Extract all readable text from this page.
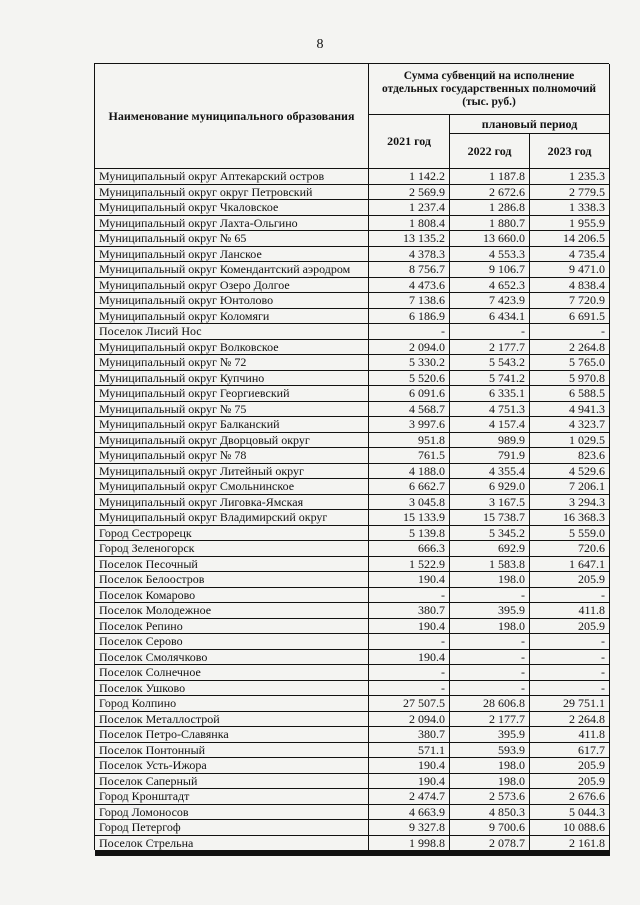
8
Наименование муниципального образования
Сумма субвенций на исполнение отдельных государственных полномочий (тыс. руб.)
2021 год
плановый период
2022 год	2023 год
Муниципальный округ Аптекарский остров	1 142.2	1 187.8	1 235.3
Муниципальный округ округ Петровский	2 569.9	2 672.6	2 779.5
Муниципальный округ Чкаловское	1 237.4	1 286.8	1 338.3
Муниципальный округ Лахта-Ольгино	1 808.4	1 880.7	1 955.9
Муниципальный округ № 65	13 135.2	13 660.0	14 206.5
Муниципальный округ Ланское	4 378.3	4 553.3	4 735.4
Муниципальный округ Комендантский аэродром	8 756.7	9 106.7	9 471.0
Муниципальный округ Озеро Долгое	4 473.6	4 652.3	4 838.4
Муниципальный округ Юнтолово	7 138.6	7 423.9	7 720.9
Муниципальный округ Коломяги	6 186.9	6 434.1	6 691.5
Поселок Лисий Нос	-	-	-
Муниципальный округ Волковское	2 094.0	2 177.7	2 264.8
Муниципальный округ № 72	5 330.2	5 543.2	5 765.0
Муниципальный округ Купчино	5 520.6	5 741.2	5 970.8
Муниципальный округ Георгиевский	6 091.6	6 335.1	6 588.5
Муниципальный округ № 75	4 568.7	4 751.3	4 941.3
Муниципальный округ Балканский	3 997.6	4 157.4	4 323.7
Муниципальный округ Дворцовый округ	951.8	989.9	1 029.5
Муниципальный округ № 78	761.5	791.9	823.6
Муниципальный округ Литейный округ	4 188.0	4 355.4	4 529.6
Муниципальный округ Смольнинское	6 662.7	6 929.0	7 206.1
Муниципальный округ Лиговка-Ямская	3 045.8	3 167.5	3 294.3
Муниципальный округ Владимирский округ	15 133.9	15 738.7	16 368.3
Город Сестрорецк	5 139.8	5 345.2	5 559.0
Город Зеленогорск	666.3	692.9	720.6
Поселок Песочный	1 522.9	1 583.8	1 647.1
Поселок Белоостров	190.4	198.0	205.9
Поселок Комарово	-	-	-
Поселок Молодежное	380.7	395.9	411.8
Поселок Репино	190.4	198.0	205.9
Поселок Серово	-	-	-
Поселок Смолячково	190.4	-	-
Поселок Солнечное	-	-	-
Поселок Ушково	-	-	-
Город Колпино	27 507.5	28 606.8	29 751.1
Поселок Металлострой	2 094.0	2 177.7	2 264.8
Поселок Петро-Славянка	380.7	395.9	411.8
Поселок Понтонный	571.1	593.9	617.7
Поселок Усть-Ижора	190.4	198.0	205.9
Поселок Саперный	190.4	198.0	205.9
Город Кронштадт	2 474.7	2 573.6	2 676.6
Город Ломоносов	4 663.9	4 850.3	5 044.3
Город Петергоф	9 327.8	9 700.6	10 088.6
Поселок Стрельна	1 998.8	2 078.7	2 161.8
